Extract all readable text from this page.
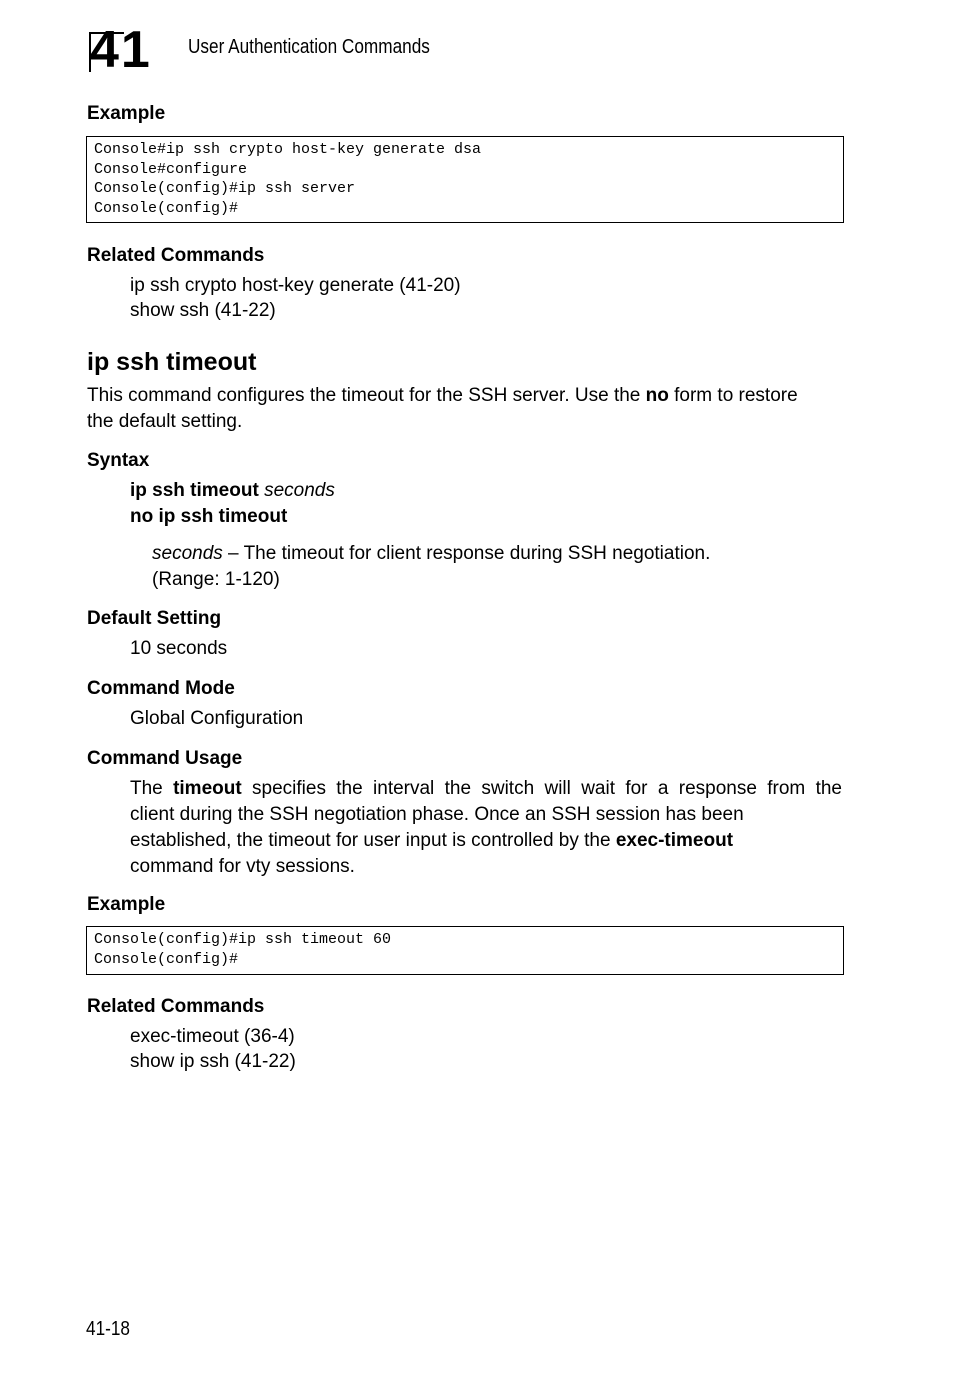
41 User Authentication Commands
Example
Console#ip ssh crypto host-key generate dsa
Console#configure
Console(config)#ip ssh server
Console(config)#
Related Commands
ip ssh crypto host-key generate (41-20)
show ssh (41-22)
ip ssh timeout
This command configures the timeout for the SSH server. Use the no form to restore
the default setting.
Syntax
ip ssh timeout seconds
no ip ssh timeout
seconds – The timeout for client response during SSH negotiation.
(Range: 1-120)
Default Setting
10 seconds
Command Mode
Global Configuration
Command Usage
The timeout specifies the interval the switch will wait for a response from the
client during the SSH negotiation phase. Once an SSH session has been
established, the timeout for user input is controlled by the exec-timeout
command for vty sessions.
Example
Console(config)#ip ssh timeout 60
Console(config)#
Related Commands
exec-timeout (36-4)
show ip ssh (41-22)
41-18
